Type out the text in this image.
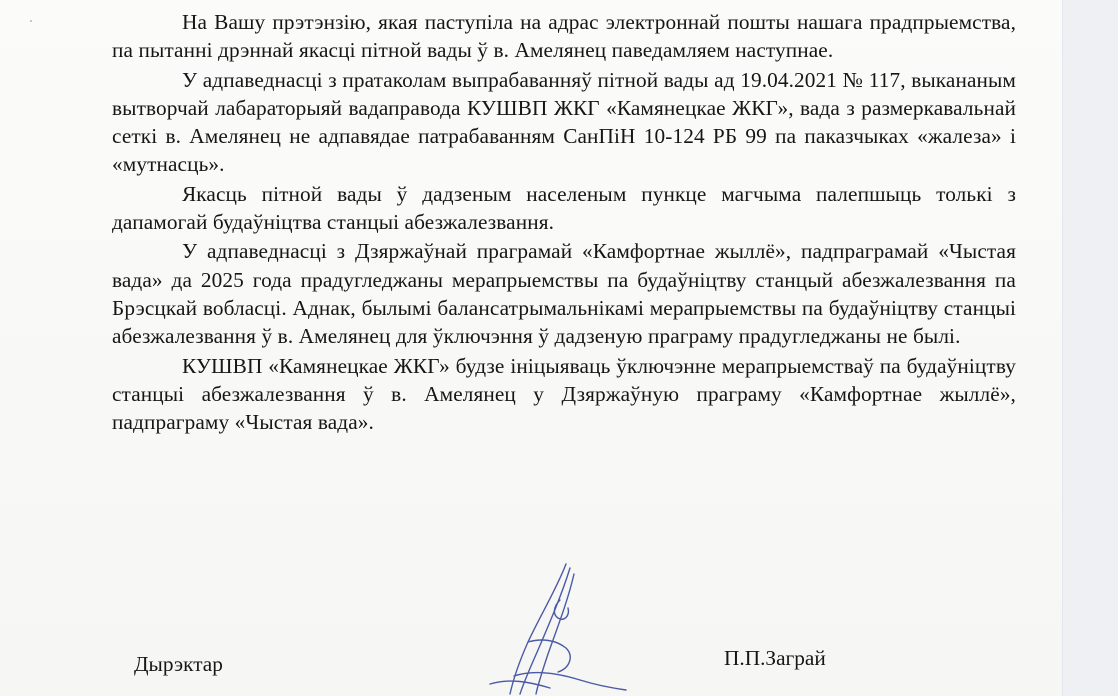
На Вашу прэтэнзію, якая паступіла на адрас электроннай пошты нашага прадпрыемства, па пытанні дрэннай якасці пітной вады ў в. Амелянец паведамляем наступнае.

У адпаведнасці з пратаколам выпрабаванняў пітной вады ад 19.04.2021 № 117, выкананым вытворчай лабараторыяй вадаправода КУШВП ЖКГ «Камянецкае ЖКГ», вада з размеркавальнай сеткі в. Амелянец не адпавядае патрабаванням СанПіН 10-124 РБ 99 па паказчыках «жалеза» і «мутнасць».

Якасць пітной вады ў дадзеным населеным пункце магчыма палепшыць толькі з дапамогай будаўніцтва станцыі абезжалезвання.

У адпаведнасці з Дзяржаўнай праграмай «Камфортнае жыллё», падпраграмай «Чыстая вада» да 2025 года прадугледжаны мерапрыемствы па будаўніцтву станцый абезжалезвання па Брэсцкай вобласці. Аднак, былымі балансатрымальнікамі мерапрыемствы па будаўніцтву станцыі абезжалезвання ў в. Амелянец для ўключэння ў дадзеную праграму прадугледжаны не былі.

КУШВП «Камянецкае ЖКГ» будзе ініцыяваць ўключэнне мерапрыемстваў па будаўніцтву станцыі абезжалезвання ў в. Амелянец у Дзяржаўную праграму «Камфортнае жыллё», падпраграму «Чыстая вада».

Дырэктар	П.П.Заграй
